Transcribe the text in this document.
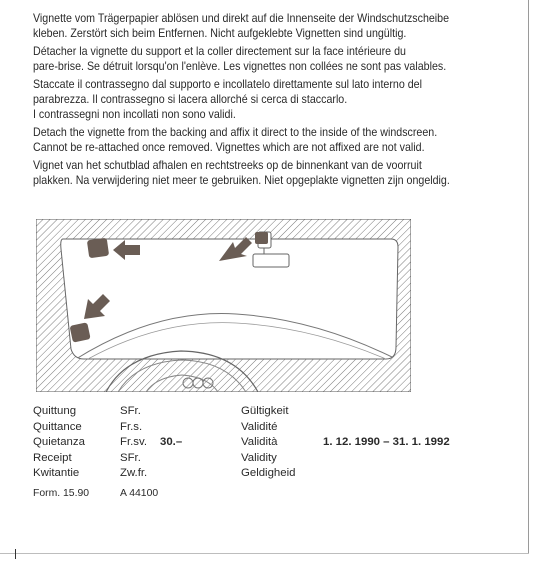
Vignette vom Trägerpapier ablösen und direkt auf die Innenseite der Windschutzscheibe

kleben. Zerstört sich beim Entfernen. Nicht aufgeklebte Vignetten sind ungültig.

Détacher la vignette du support et la coller directement sur la face intérieure du

pare-brise. Se détruit lorsqu'on l'enlève. Les vignettes non collées ne sont pas valables.

Staccate il contrassegno dal supporto e incollatelo direttamente sul lato interno del

parabrezza. Il contrassegno si lacera allorché si cerca di staccarlo.

I contrassegni non incollati non sono validi.

Detach the vignette from the backing and affix it direct to the inside of the windscreen.

Cannot be re-attached once removed. Vignettes which are not affixed are not valid.

Vignet van het schutblad afhalen en rechtstreeks op de binnenkant van de voorruit

plakken. Na verwijdering niet meer te gebruiken. Niet opgeplakte vignetten zijn ongeldig.

Quittung	SFr.	Gültigkeit
Quittance	Fr.s.	Validité
Quietanza	Fr.sv. 30.–	Validità	1. 12. 1990 – 31. 1. 1992
Receipt	SFr.	Validity
Kwitantie	Zw.fr.	Geldigheid
Form. 15.90	A 44100
